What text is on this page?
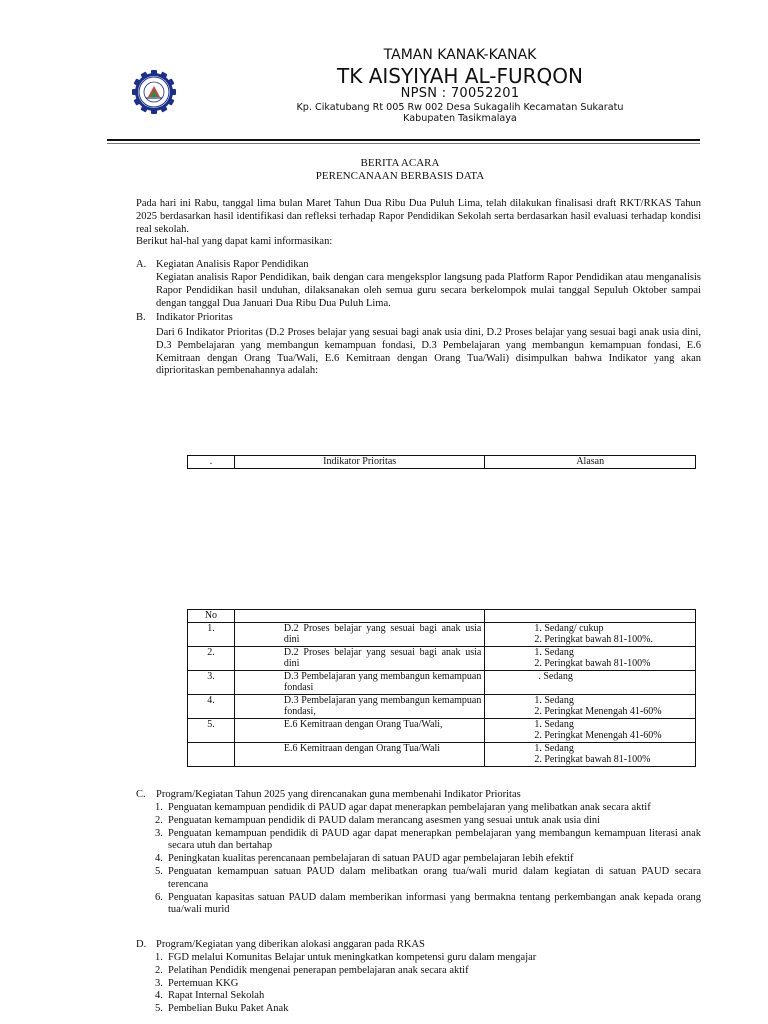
TAMAN KANAK-KANAK
TK AISYIYAH AL-FURQON
NPSN : 70052201
Kp. Cikatubang Rt 005 Rw 002 Desa Sukagalih Kecamatan Sukaratu
Kabupaten Tasikmalaya
BERITA ACARA
PERENCANAAN BERBASIS DATA
Pada hari ini Rabu, tanggal lima bulan Maret Tahun Dua Ribu Dua Puluh Lima, telah dilakukan finalisasi draft RKT/RKAS Tahun 2025 berdasarkan hasil identifikasi dan refleksi terhadap Rapor Pendidikan Sekolah serta berdasarkan hasil evaluasi terhadap kondisi real sekolah.
Berikut hal-hal yang dapat kami informasikan:
A. Kegiatan Analisis Rapor Pendidikan
Kegiatan analisis Rapor Pendidikan, baik dengan cara mengeksplor langsung pada Platform Rapor Pendidikan atau menganalisis Rapor Pendidikan hasil unduhan, dilaksanakan oleh semua guru secara berkelompok mulai tanggal Sepuluh Oktober sampai dengan tanggal Dua Januari Dua Ribu Dua Puluh Lima.
B. Indikator Prioritas
Dari 6 Indikator Prioritas (D.2 Proses belajar yang sesuai bagi anak usia dini, D.2 Proses belajar yang sesuai bagi anak usia dini, D.3 Pembelajaran yang membangun kemampuan fondasi, D.3 Pembelajaran yang membangun kemampuan fondasi, E.6 Kemitraan dengan Orang Tua/Wali, E.6 Kemitraan dengan Orang Tua/Wali) disimpulkan bahwa Indikator yang akan diprioritaskan pembenahannya adalah:
.	Indikator Prioritas	Alasan
No		
1.	D.2 Proses belajar yang sesuai bagi anak usia dini	1. Sedang/ cukup
2. Peringkat bawah 81-100%.

2.	D.2 Proses belajar yang sesuai bagi anak usia dini	1. Sedang
2. Peringkat bawah 81-100%

3.	D.3 Pembelajaran yang membangun kemampuan fondasi	. Sedang

4.	D.3 Pembelajaran yang membangun kemampuan fondasi,	1. Sedang
2. Peringkat Menengah 41-60%

5.	E.6 Kemitraan dengan Orang Tua/Wali,	1. Sedang
2. Peringkat Menengah 41-60%

	E.6 Kemitraan dengan Orang Tua/Wali	1. Sedang
2. Peringkat bawah 81-100%
C. Program/Kegiatan Tahun 2025 yang direncanakan guna membenahi Indikator Prioritas
1. Penguatan kemampuan pendidik di PAUD agar dapat menerapkan pembelajaran yang melibatkan anak secara aktif
2. Penguatan kemampuan pendidik di PAUD dalam merancang asesmen yang sesuai untuk anak usia dini
3. Penguatan kemampuan pendidik di PAUD agar dapat menerapkan pembelajaran yang membangun kemampuan literasi anak secara utuh dan bertahap
4. Peningkatan kualitas perencanaan pembelajaran di satuan PAUD agar pembelajaran lebih efektif
5. Penguatan kemampuan satuan PAUD dalam melibatkan orang tua/wali murid dalam kegiatan di satuan PAUD secara terencana
6. Penguatan kapasitas satuan PAUD dalam memberikan informasi yang bermakna tentang perkembangan anak kepada orang tua/wali murid
D. Program/Kegiatan yang diberikan alokasi anggaran pada RKAS
1. FGD melalui Komunitas Belajar untuk meningkatkan kompetensi guru dalam mengajar
2. Pelatihan Pendidik mengenai penerapan pembelajaran anak secara aktif
3. Pertemuan KKG
4. Rapat Internal Sekolah
5. Pembelian Buku Paket Anak
